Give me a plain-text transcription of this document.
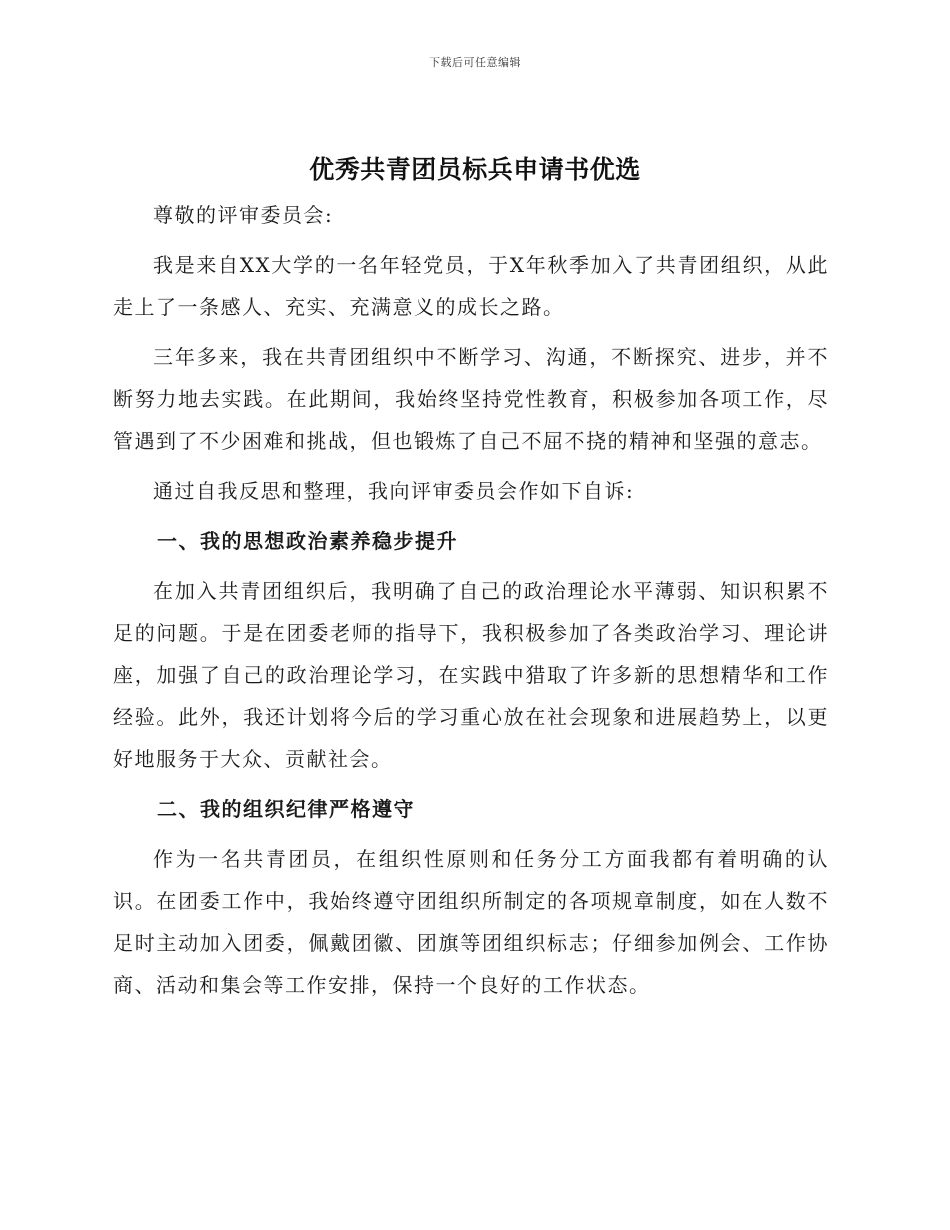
下载后可任意编辑
优秀共青团员标兵申请书优选

尊敬的评审委员会:

我是来自XX大学的一名年轻党员，于X年秋季加入了共青团组织，从此走上了一条感人、充实、充满意义的成长之路。

三年多来，我在共青团组织中不断学习、沟通，不断探究、进步，并不断努力地去实践。在此期间，我始终坚持党性教育，积极参加各项工作，尽管遇到了不少困难和挑战，但也锻炼了自己不屈不挠的精神和坚强的意志。

通过自我反思和整理，我向评审委员会作如下自诉:

一、我的思想政治素养稳步提升

在加入共青团组织后，我明确了自己的政治理论水平薄弱、知识积累不足的问题。于是在团委老师的指导下，我积极参加了各类政治学习、理论讲座，加强了自己的政治理论学习，在实践中猎取了许多新的思想精华和工作经验。此外，我还计划将今后的学习重心放在社会现象和进展趋势上，以更好地服务于大众、贡献社会。

二、我的组织纪律严格遵守

作为一名共青团员，在组织性原则和任务分工方面我都有着明确的认识。在团委工作中，我始终遵守团组织所制定的各项规章制度，如在人数不足时主动加入团委，佩戴团徽、团旗等团组织标志；仔细参加例会、工作协商、活动和集会等工作安排，保持一个良好的工作状态。
